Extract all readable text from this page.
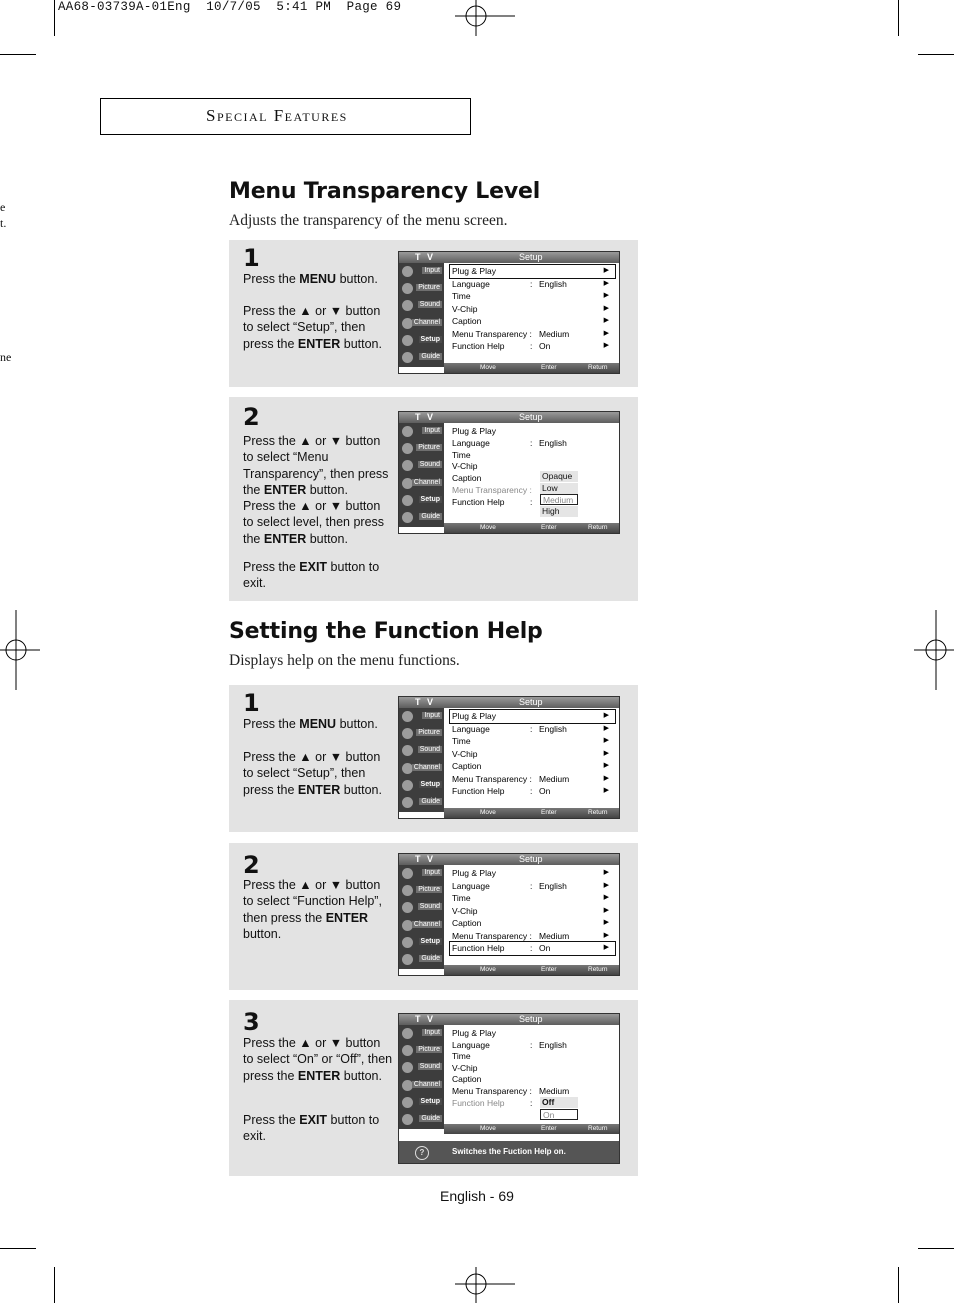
AA68-03739A-01Eng  10/7/05  5:41 PM  Page 69
e
t.
ne
Special Features
Menu Transparency Level
Adjusts the transparency of the menu screen.
1
Press the MENU button.
Press the ▲ or ▼ button to select “Setup”, then press the ENTER button.
T V	Setup
Input
Picture
Sound
Channel
Setup
Guide
Plug & Play	▶
Language	: English	▶
Time	▶
V-Chip	▶
Caption	▶
Menu Transparency : Medium	▶
Function Help	: On	▶
Move	Enter	Return
2
Press the ▲ or ▼ button to select “Menu Transparency”, then press the ENTER button.
Press the ▲ or ▼ button to select level, then press the ENTER button.
Press the EXIT button to exit.
T V	Setup
Input
Picture
Sound
Channel
Setup
Guide
Plug & Play
Language	: English
Time
V-Chip
Caption
Menu Transparency :
Function Help	:
Opaque
Low
Medium
High
Move	Enter	Return
Setting the Function Help
Displays help on the menu functions.
1
Press the MENU button.
Press the ▲ or ▼ button to select “Setup”, then press the ENTER button.
T V	Setup
Input
Picture
Sound
Channel
Setup
Guide
Plug & Play	▶
Language	: English	▶
Time	▶
V-Chip	▶
Caption	▶
Menu Transparency : Medium	▶
Function Help	: On	▶
Move	Enter	Return
2
Press the ▲ or ▼ button to select “Function Help”, then press the ENTER button.
T V	Setup
Input
Picture
Sound
Channel
Setup
Guide
Plug & Play	▶
Language	: English	▶
Time	▶
V-Chip	▶
Caption	▶
Menu Transparency : Medium	▶
Function Help	: On	▶
Move	Enter	Return
3
Press the ▲ or ▼ button to select “On” or “Off”, then press the ENTER button.
Press the EXIT button to exit.
T V	Setup
Input
Picture
Sound
Channel
Setup
Guide
Plug & Play
Language	: English
Time
V-Chip
Caption
Menu Transparency : Medium
Function Help	: Off
On
Move	Enter	Return
?	Switches the Fuction Help on.
English - 69
